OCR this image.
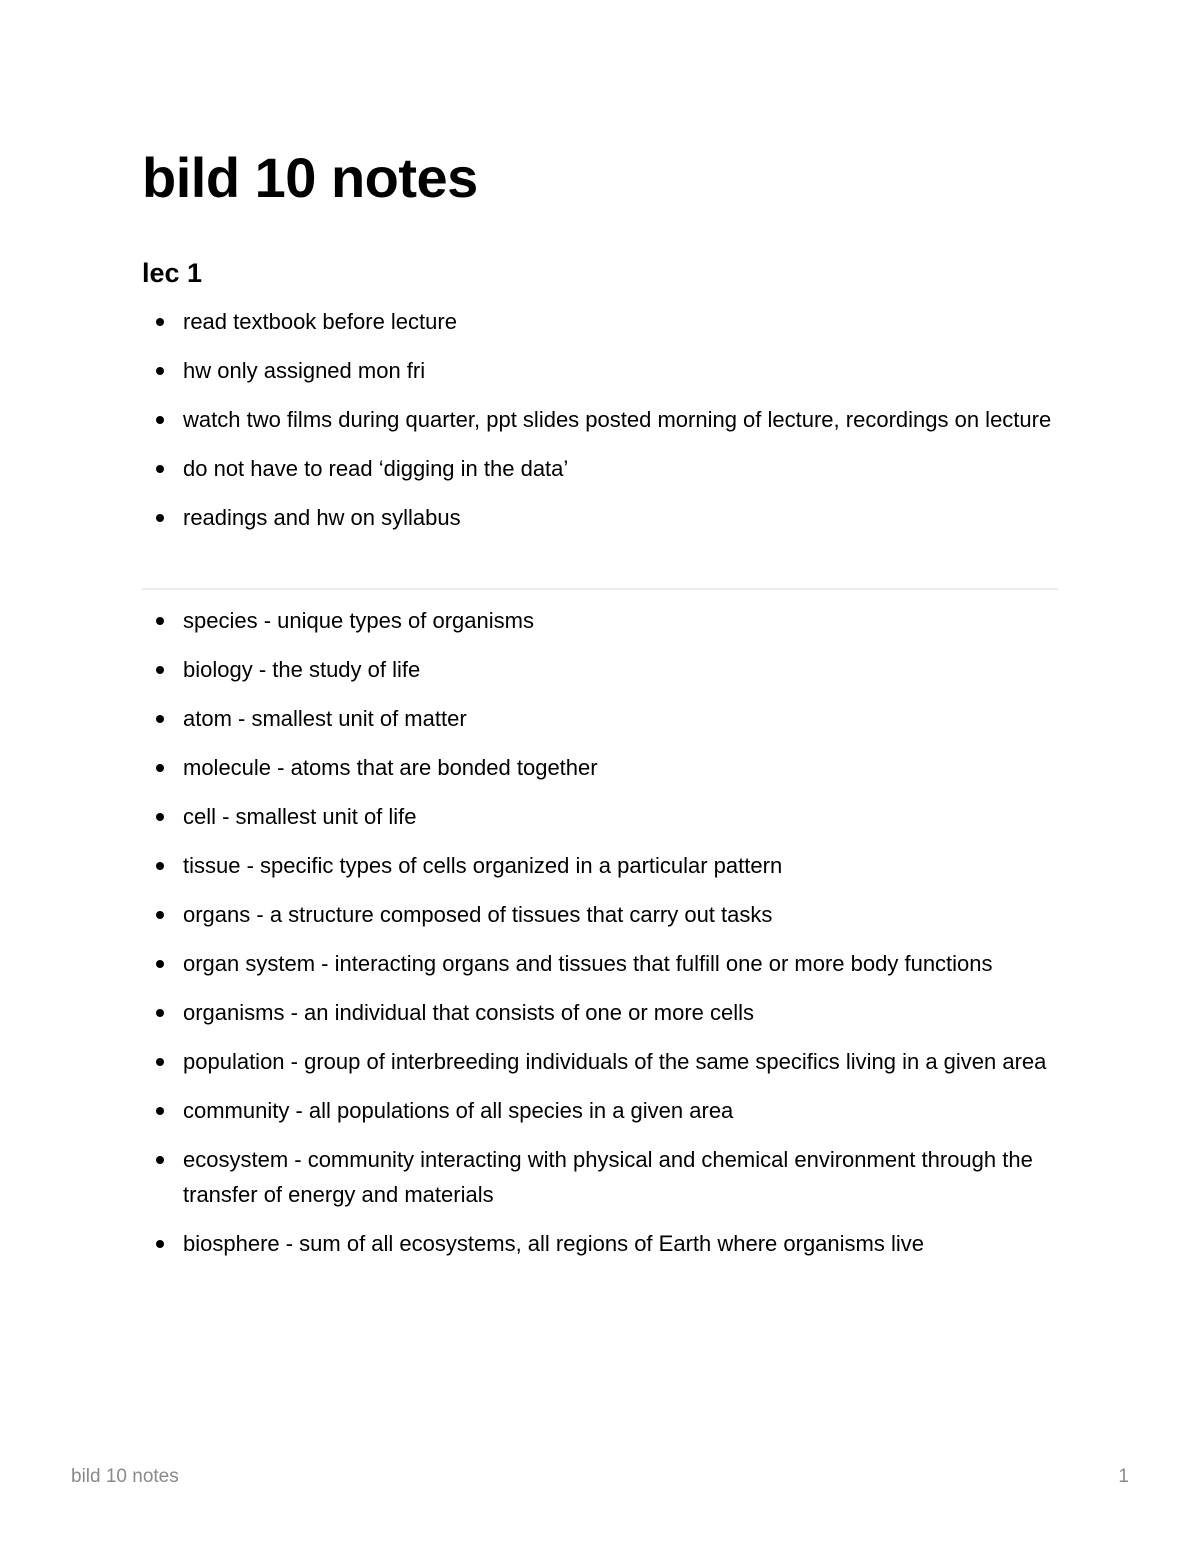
bild 10 notes
lec 1
read textbook before lecture
hw only assigned mon fri
watch two films during quarter, ppt slides posted morning of lecture, recordings on lecture
do not have to read ‘digging in the data’
readings and hw on syllabus
species - unique types of organisms
biology - the study of life
atom - smallest unit of matter
molecule - atoms that are bonded together
cell - smallest unit of life
tissue - specific types of cells organized in a particular pattern
organs - a structure composed of tissues that carry out tasks
organ system - interacting organs and tissues that fulfill one or more body functions
organisms - an individual that consists of one or more cells
population - group of interbreeding individuals of the same specifics living in a given area
community - all populations of all species in a given area
ecosystem - community interacting with physical and chemical environment through the transfer of energy and materials
biosphere - sum of all ecosystems, all regions of Earth where organisms live
bild 10 notes	1
